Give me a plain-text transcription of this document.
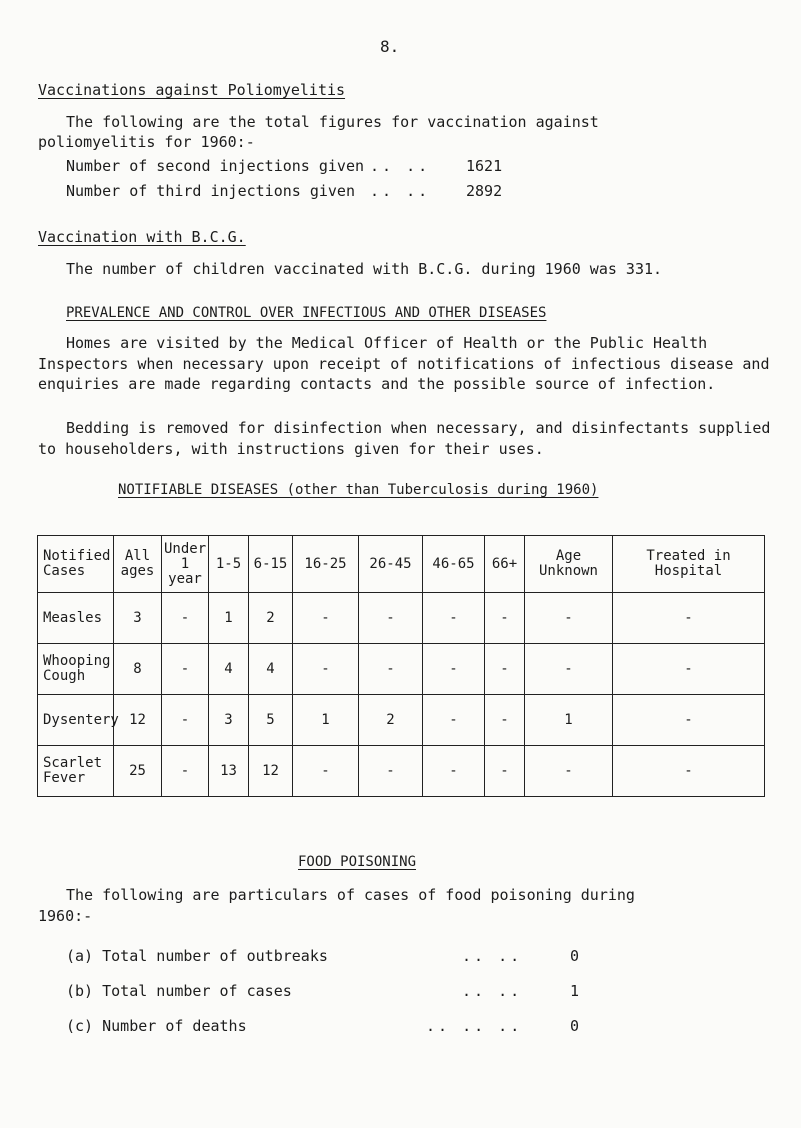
8.
Vaccinations against Poliomyelitis
The following are the total figures for vaccination against poliomyelitis for 1960:-
Number of second injections given .. .. 1621
Number of third injections given .. .. 2892
Vaccination with B.C.G.
The number of children vaccinated with B.C.G. during 1960 was 331.
PREVALENCE AND CONTROL OVER INFECTIOUS AND OTHER DISEASES
Homes are visited by the Medical Officer of Health or the Public Health Inspectors when necessary upon receipt of notifications of infectious disease and enquiries are made regarding contacts and the possible source of infection.
Bedding is removed for disinfection when necessary, and disinfectants supplied to householders, with instructions given for their uses.
NOTIFIABLE DISEASES (other than Tuberculosis during 1960)
Notified Cases	All ages	Under 1 year	1-5	6-15	16-25	26-45	46-65	66+	Age Unknown	Treated in Hospital
Measles	3	-	1	2	-	-	-	-	-	-
Whooping Cough	8	-	4	4	-	-	-	-	-	-
Dysentery	12	-	3	5	1	2	-	-	1	-
Scarlet Fever	25	-	13	12	-	-	-	-	-	-
FOOD POISONING
The following are particulars of cases of food poisoning during 1960:-
(a) Total number of outbreaks	.. ..	0
(b) Total number of cases	.. ..	1
(c) Number of deaths	.. .. ..	0
